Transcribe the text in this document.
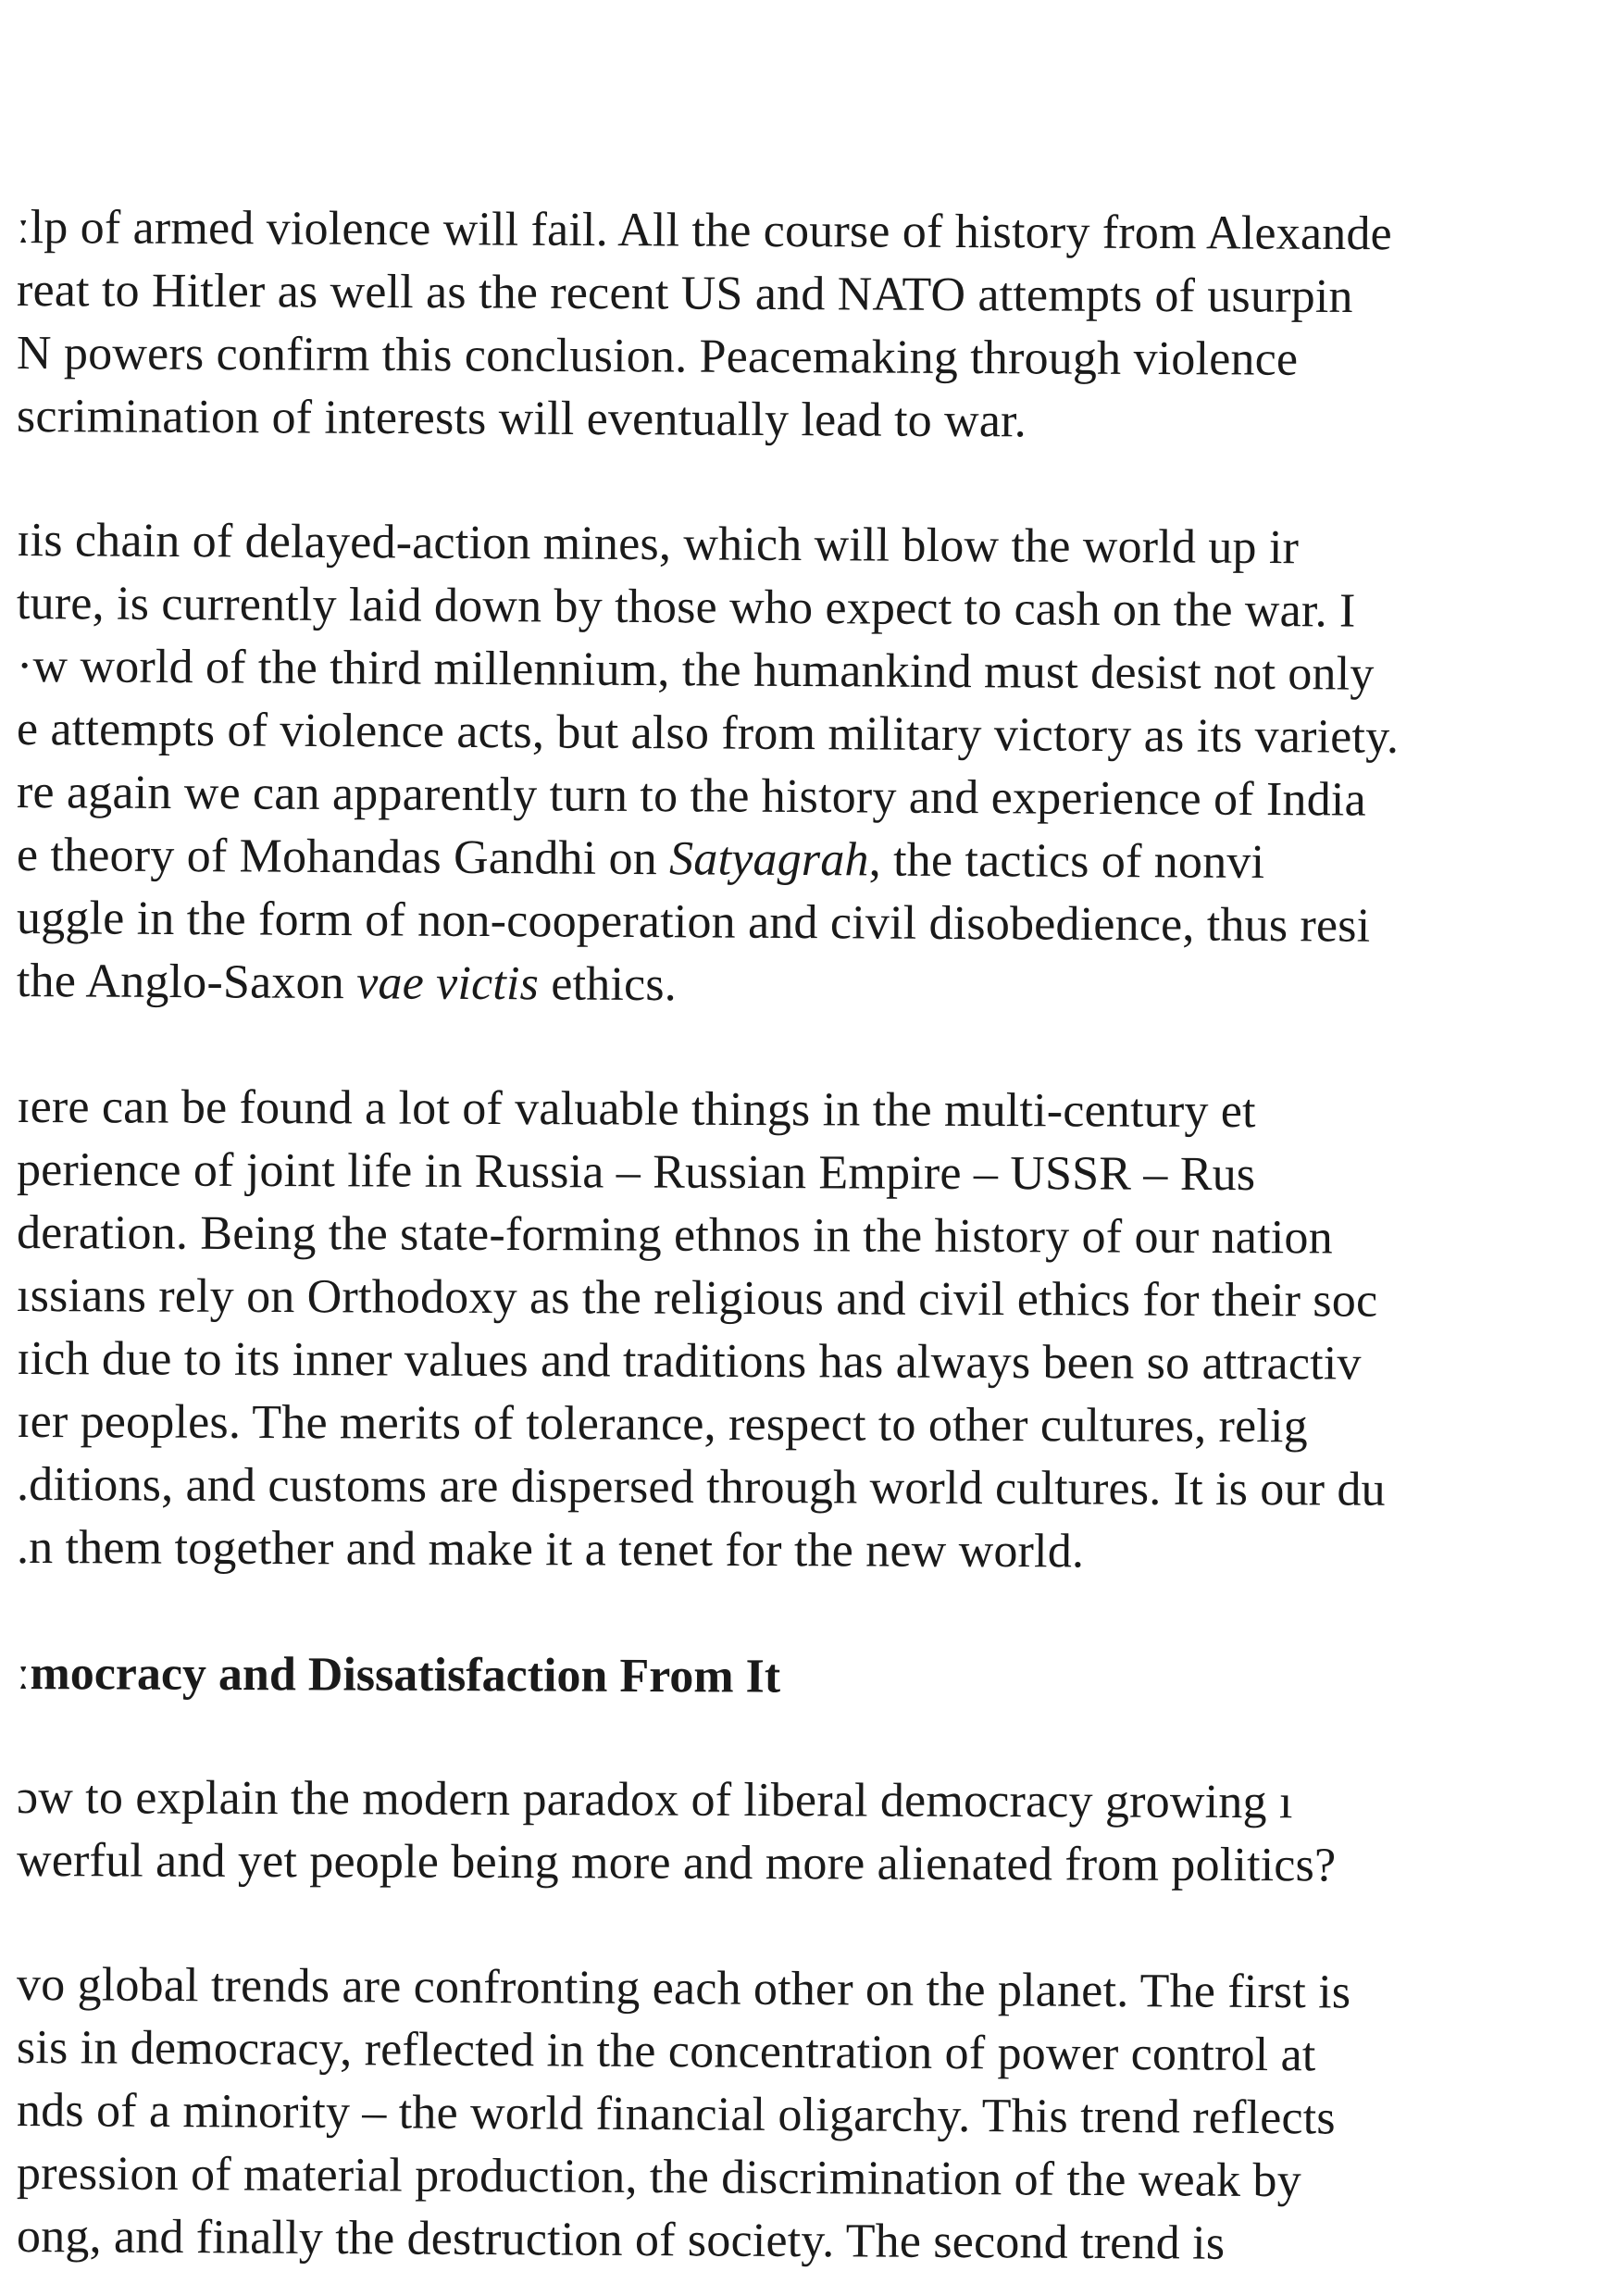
ːlp of armed violence will fail. All the course of history from Alexande
reat to Hitler as well as the recent US and NATO attempts of usurpin
N powers confirm this conclusion. Peacemaking through violence
scrimination of interests will eventually lead to war.
ɪis chain of delayed-action mines, which will blow the world up ir
ture, is currently laid down by those who expect to cash on the war. I
·w world of the third millennium, the humankind must desist not only
e attempts of violence acts, but also from military victory as its variety.
re again we can apparently turn to the history and experience of India
e theory of Mohandas Gandhi on Satyagrah, the tactics of nonvi
uggle in the form of non-cooperation and civil disobedience, thus resi
the Anglo-Saxon vae victis ethics.
ɪere can be found a lot of valuable things in the multi-century et
perience of joint life in Russia – Russian Empire – USSR – Rus
deration. Being the state-forming ethnos in the history of our nation
ıssians rely on Orthodoxy as the religious and civil ethics for their soc
ɪich due to its inner values and traditions has always been so attractiv
ɪer peoples. The merits of tolerance, respect to other cultures, relig
.ditions, and customs are dispersed through world cultures. It is our du
.n them together and make it a tenet for the new world.
ːmocracy and Dissatisfaction From It
ɔw to explain the modern paradox of liberal democracy growing ı
werful and yet people being more and more alienated from politics?
vo global trends are confronting each other on the planet. The first is
sis in democracy, reflected in the concentration of power control at
nds of a minority – the world financial oligarchy. This trend reflects
pression of material production, the discrimination of the weak by
ong, and finally the destruction of society. The second trend is
